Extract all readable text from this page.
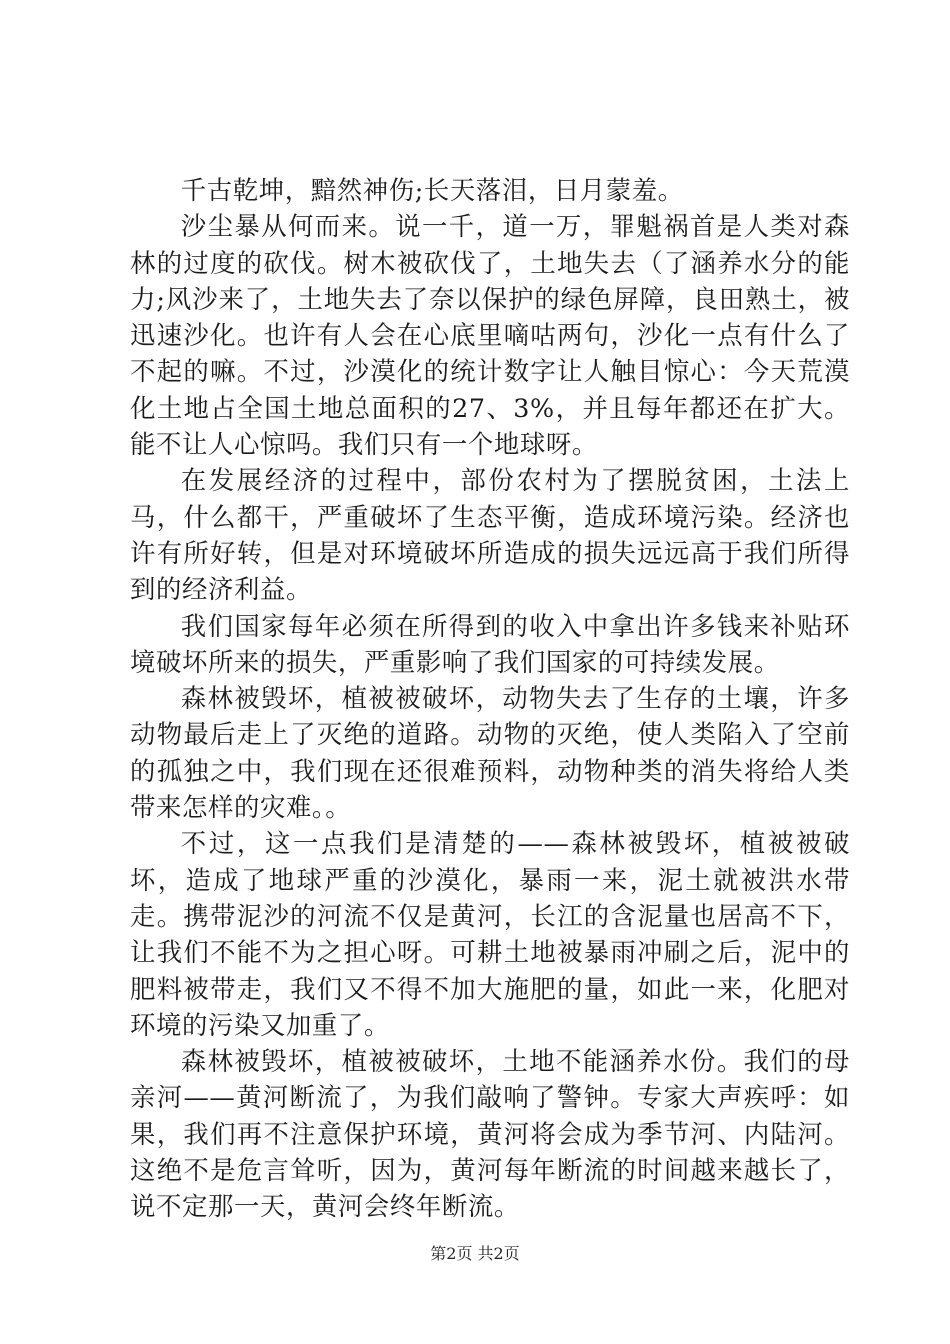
千古乾坤，黯然神伤;长天落泪，日月蒙羞。

沙尘暴从何而来。说一千，道一万，罪魁祸首是人类对森林的过度的砍伐。树木被砍伐了，土地失去（了涵养水分的能力;风沙来了，土地失去了奈以保护的绿色屏障，良田熟土，被迅速沙化。也许有人会在心底里嘀咕两句，沙化一点有什么了不起的嘛。不过，沙漠化的统计数字让人触目惊心：今天荒漠化土地占全国土地总面积的27、3%，并且每年都还在扩大。能不让人心惊吗。我们只有一个地球呀。

在发展经济的过程中，部份农村为了摆脱贫困，土法上马，什么都干，严重破坏了生态平衡，造成环境污染。经济也许有所好转，但是对环境破坏所造成的损失远远高于我们所得到的经济利益。

我们国家每年必须在所得到的收入中拿出许多钱来补贴环境破坏所来的损失，严重影响了我们国家的可持续发展。

森林被毁坏，植被被破坏，动物失去了生存的土壤，许多动物最后走上了灭绝的道路。动物的灭绝，使人类陷入了空前的孤独之中，我们现在还很难预料，动物种类的消失将给人类带来怎样的灾难。。

不过，这一点我们是清楚的——森林被毁坏，植被被破坏，造成了地球严重的沙漠化，暴雨一来，泥土就被洪水带走。携带泥沙的河流不仅是黄河，长江的含泥量也居高不下，让我们不能不为之担心呀。可耕土地被暴雨冲刷之后，泥中的肥料被带走，我们又不得不加大施肥的量，如此一来，化肥对环境的污染又加重了。

森林被毁坏，植被被破坏，土地不能涵养水份。我们的母亲河——黄河断流了，为我们敲响了警钟。专家大声疾呼：如果，我们再不注意保护环境，黄河将会成为季节河、内陆河。这绝不是危言耸听，因为，黄河每年断流的时间越来越长了，说不定那一天，黄河会终年断流。

第2页 共2页
